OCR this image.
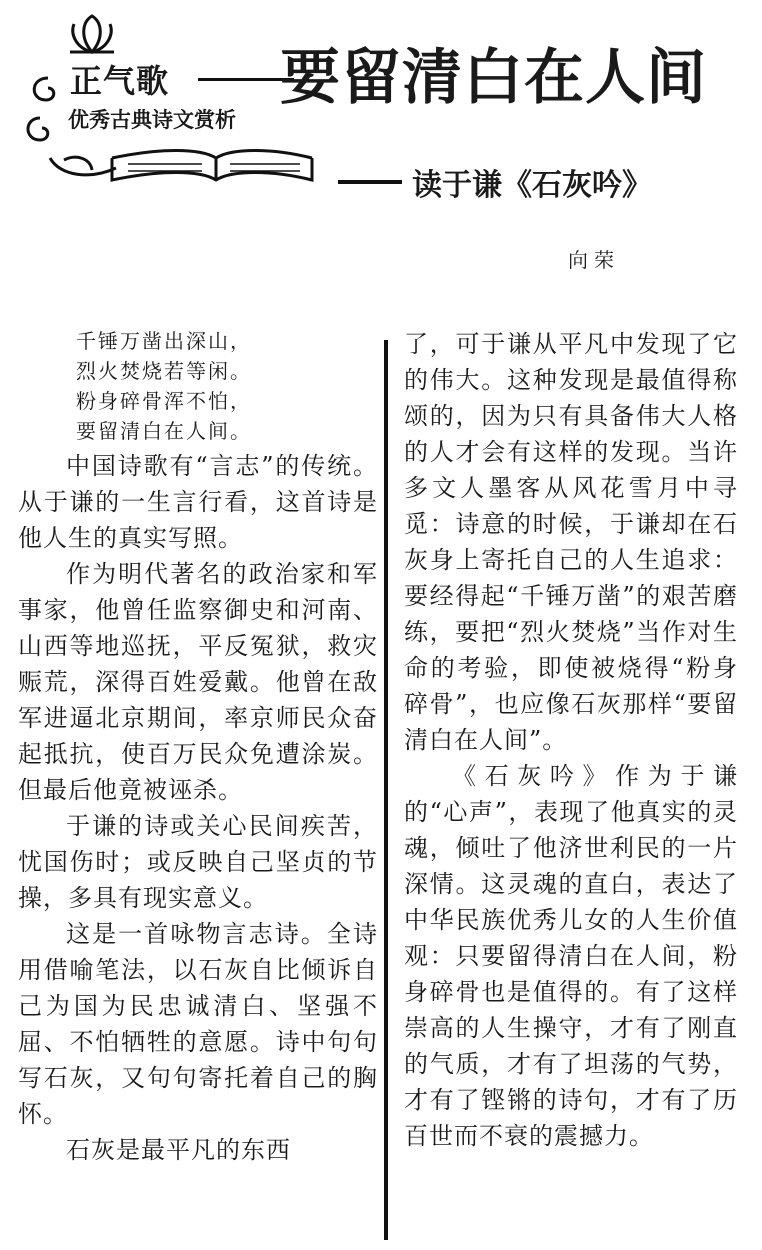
正气歌
优秀古典诗文赏析
要留清白在人间
读于谦《石灰吟》

向荣

千锤万凿出深山，
烈火焚烧若等闲。
粉身碎骨浑不怕，
要留清白在人间。

中国诗歌有“言志”的传统。从于谦的一生言行看，这首诗是他人生的真实写照。

作为明代著名的政治家和军事家，他曾任监察御史和河南、山西等地巡抚，平反冤狱，救灾赈荒，深得百姓爱戴。他曾在敌军进逼北京期间，率京师民众奋起抵抗，使百万民众免遭涂炭。但最后他竟被诬杀。

于谦的诗或关心民间疾苦，忧国伤时；或反映自己坚贞的节操，多具有现实意义。

这是一首咏物言志诗。全诗用借喻笔法，以石灰自比倾诉自己为国为民忠诚清白、坚强不屈、不怕牺牲的意愿。诗中句句写石灰，又句句寄托着自己的胸怀。

石灰是最平凡的东西

了，可于谦从平凡中发现了它的伟大。这种发现是最值得称颂的，因为只有具备伟大人格的人才会有这样的发现。当许多文人墨客从风花雪月中寻觅：诗意的时候，于谦却在石灰身上寄托自己的人生追求：要经得起“千锤万凿”的艰苦磨练，要把“烈火焚烧”当作对生命的考验，即使被烧得“粉身碎骨”，也应像石灰那样“要留清白在人间”。

《石灰吟》作为于谦的“心声”，表现了他真实的灵魂，倾吐了他济世利民的一片深情。这灵魂的直白，表达了中华民族优秀儿女的人生价值观：只要留得清白在人间，粉身碎骨也是值得的。有了这样崇高的人生操守，才有了刚直的气质，才有了坦荡的气势，才有了铿锵的诗句，才有了历百世而不衰的震撼力。
